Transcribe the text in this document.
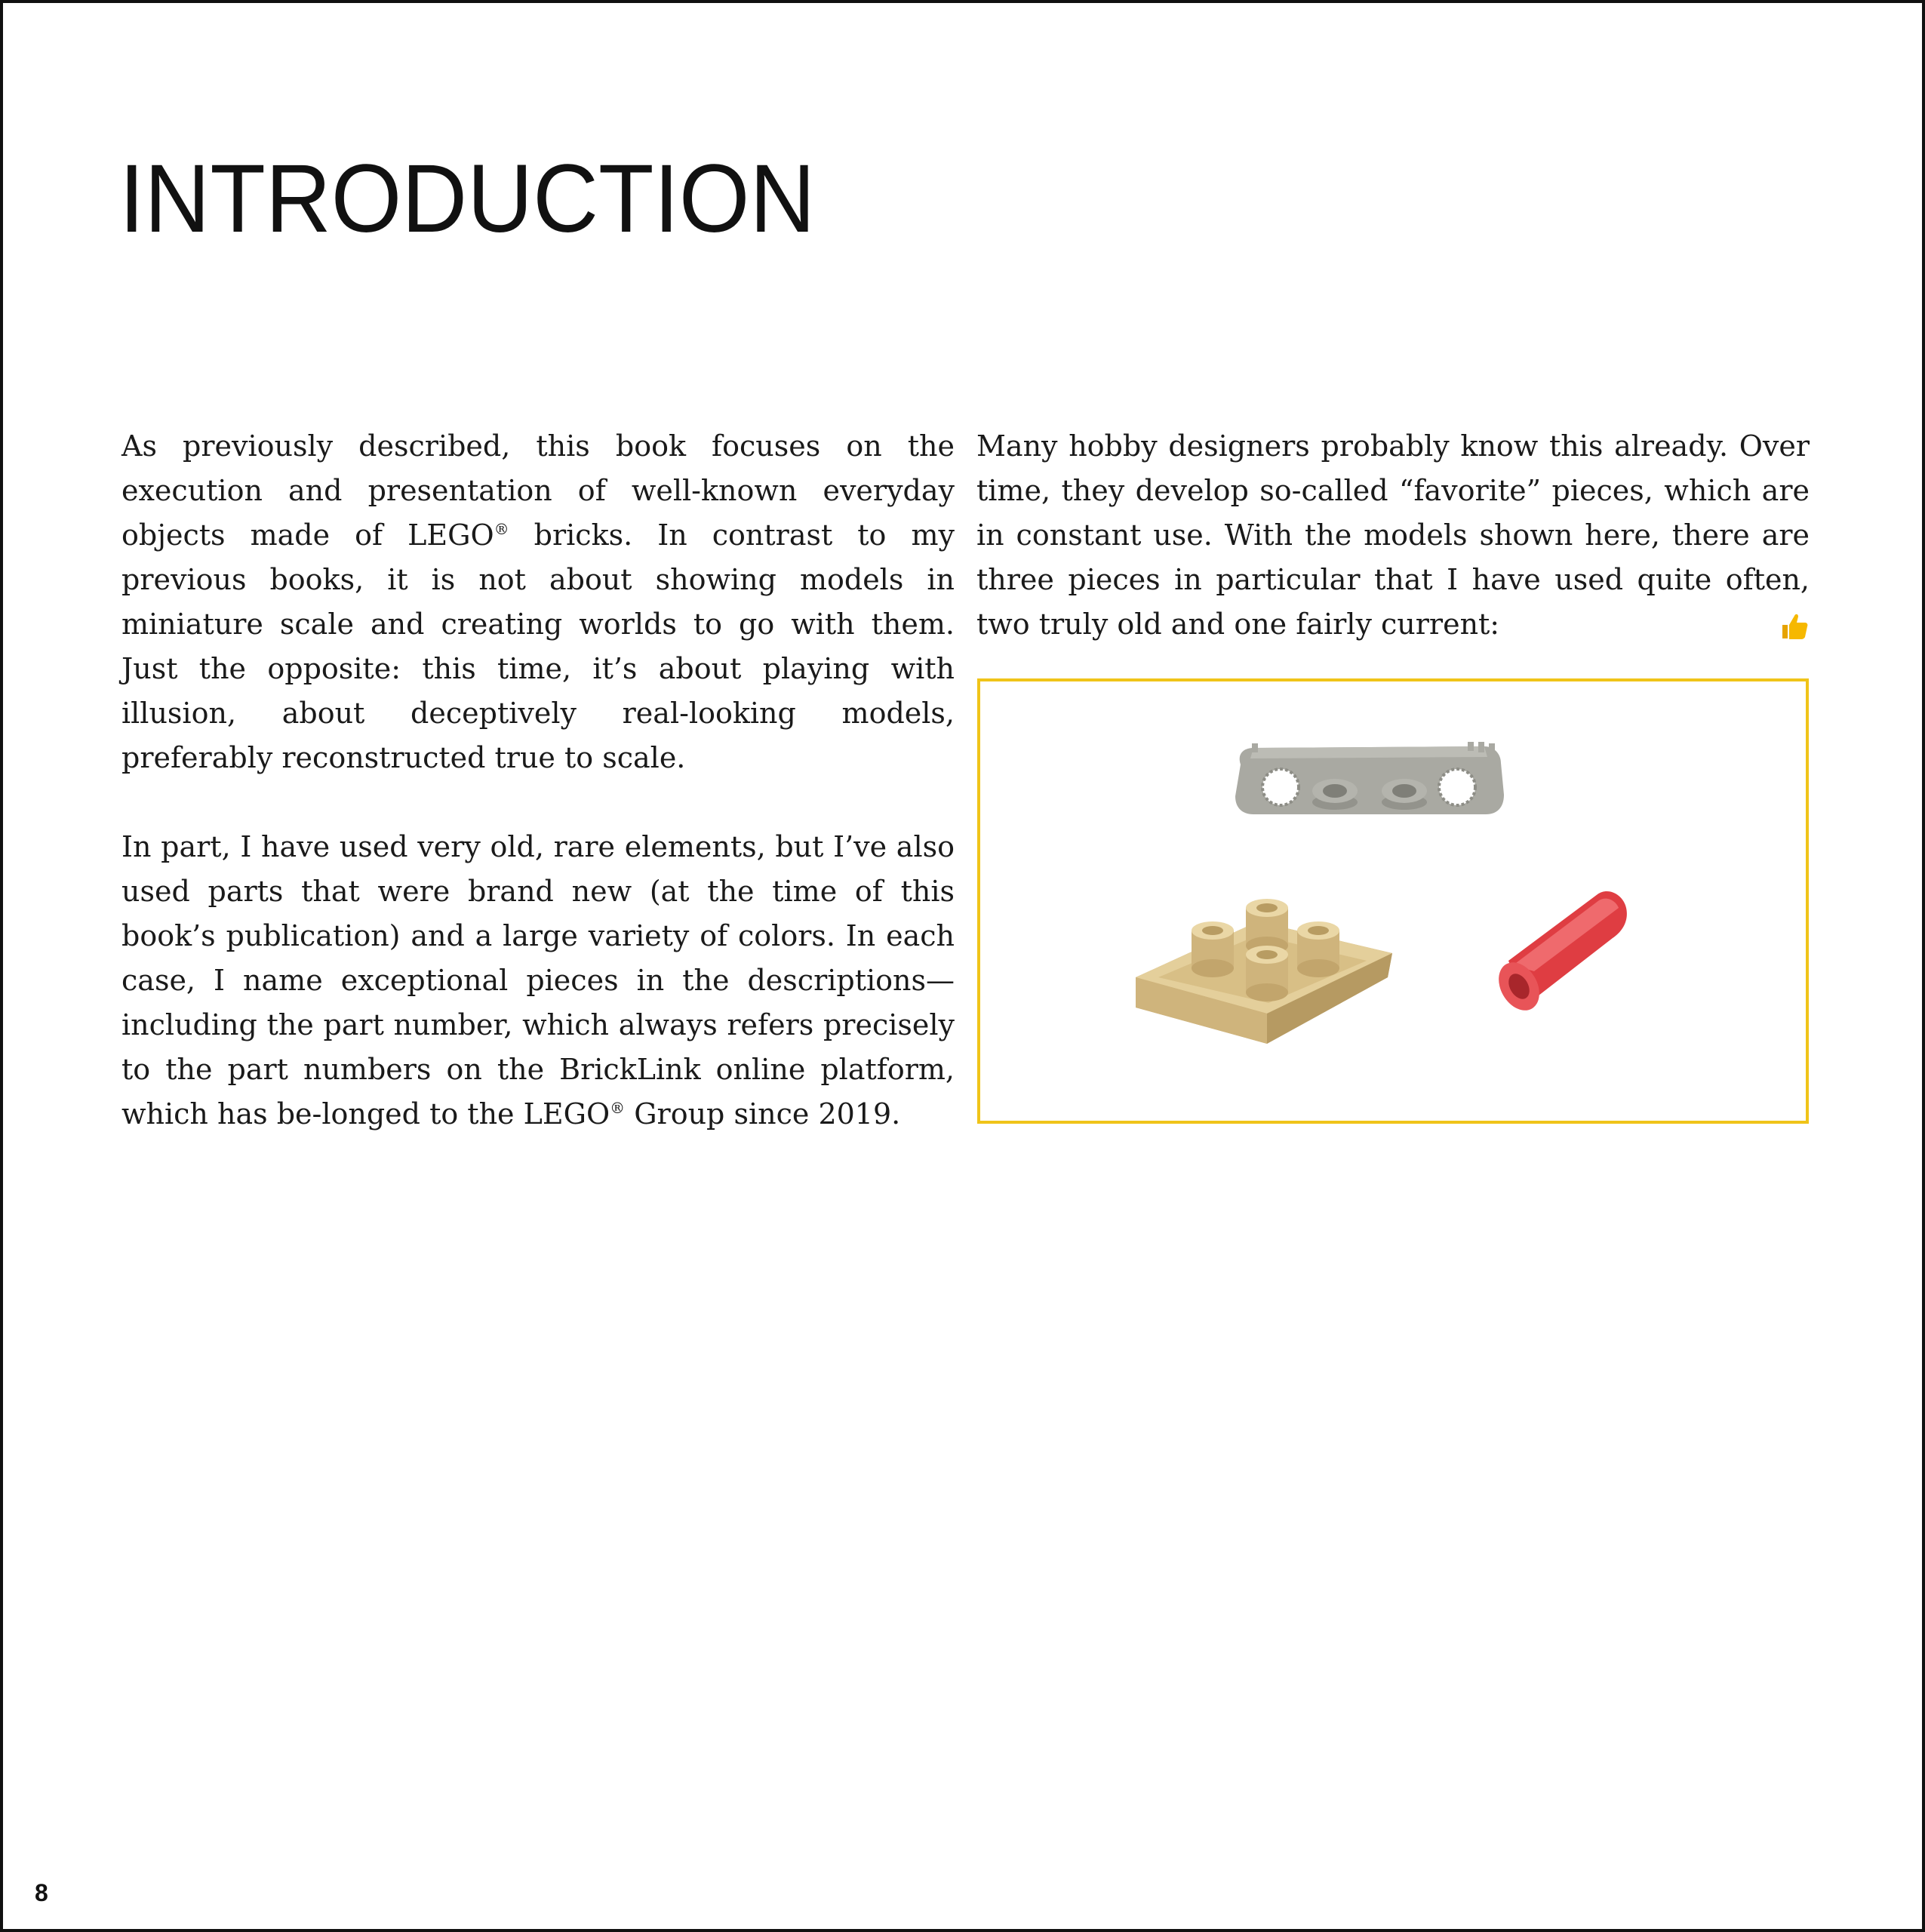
INTRODUCTION

As previously described, this book focuses on the execution and presentation of well-known everyday objects made of LEGO® bricks. In contrast to my previous books, it is not about showing models in miniature scale and creating worlds to go with them. Just the opposite: this time, it’s about playing with illusion, about deceptively real-looking models, preferably reconstructed true to scale.

In part, I have used very old, rare elements, but I’ve also used parts that were brand new (at the time of this book’s publication) and a large variety of colors. In each case, I name exceptional pieces in the descriptions—including the part number, which always refers precisely to the part numbers on the BrickLink online platform, which has be-longed to the LEGO® Group since 2019.

Many hobby designers probably know this already. Over time, they develop so-called “favorite” pieces, which are in constant use. With the models shown here, there are three pieces in particular that I have used quite often, two truly old and one fairly current:

8
